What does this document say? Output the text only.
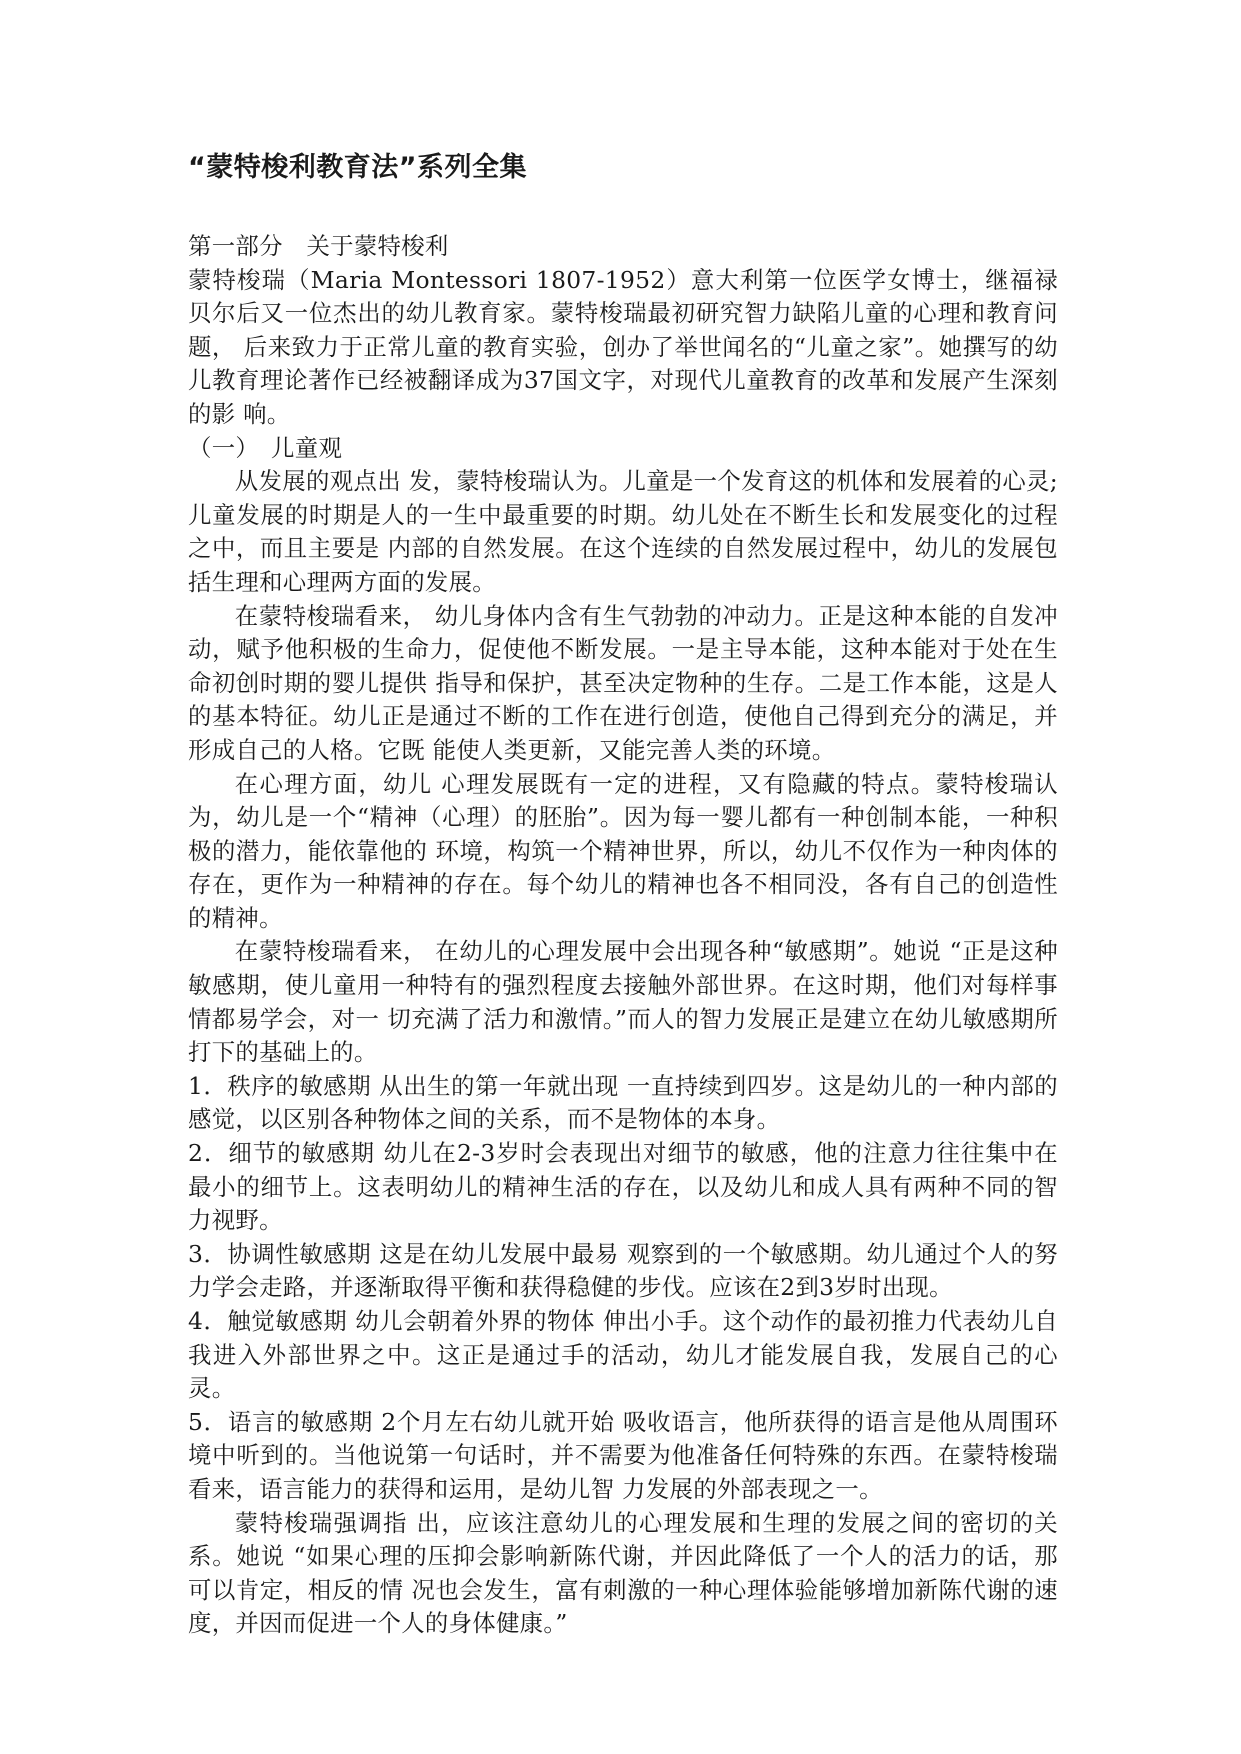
“蒙特梭利教育法”系列全集

第一部分　关于蒙特梭利

蒙特梭瑞（Maria Montessori 1807-1952）意大利第一位医学女博士，继福禄贝尔后又一位杰出的幼儿教育家。蒙特梭瑞最初研究智力缺陷儿童的心理和教育问题， 后来致力于正常儿童的教育实验，创办了举世闻名的“儿童之家”。她撰写的幼儿教育理论著作已经被翻译成为37国文字，对现代儿童教育的改革和发展产生深刻的影 响。

（一）　儿童观

从发展的观点出 发，蒙特梭瑞认为。儿童是一个发育这的机体和发展着的心灵; 儿童发展的时期是人的一生中最重要的时期。幼儿处在不断生长和发展变化的过程之中，而且主要是 内部的自然发展。在这个连续的自然发展过程中，幼儿的发展包括生理和心理两方面的发展。

在蒙特梭瑞看来， 幼儿身体内含有生气勃勃的冲动力。正是这种本能的自发冲动，赋予他积极的生命力，促使他不断发展。一是主导本能，这种本能对于处在生命初创时期的婴儿提供 指导和保护，甚至决定物种的生存。二是工作本能，这是人的基本特征。幼儿正是通过不断的工作在进行创造，使他自己得到充分的满足，并形成自己的人格。它既 能使人类更新，又能完善人类的环境。

在心理方面，幼儿 心理发展既有一定的进程，又有隐藏的特点。蒙特梭瑞认为，幼儿是一个“精神（心理）的胚胎”。因为每一婴儿都有一种创制本能，一种积极的潜力，能依靠他的 环境，构筑一个精神世界，所以，幼儿不仅作为一种肉体的存在，更作为一种精神的存在。每个幼儿的精神也各不相同没，各有自己的创造性的精神。

在蒙特梭瑞看来， 在幼儿的心理发展中会出现各种“敏感期”。她说 “正是这种敏感期，使儿童用一种特有的强烈程度去接触外部世界。在这时期，他们对每样事情都易学会，对一 切充满了活力和激情。”而人的智力发展正是建立在幼儿敏感期所打下的基础上的。

1．秩序的敏感期 从出生的第一年就出现 一直持续到四岁。这是幼儿的一种内部的感觉，以区别各种物体之间的关系，而不是物体的本身。

2．细节的敏感期 幼儿在2-3岁时会表现出对细节的敏感，他的注意力往往集中在 最小的细节上。这表明幼儿的精神生活的存在，以及幼儿和成人具有两种不同的智力视野。

3．协调性敏感期 这是在幼儿发展中最易 观察到的一个敏感期。幼儿通过个人的努力学会走路，并逐渐取得平衡和获得稳健的步伐。应该在2到3岁时出现。

4．触觉敏感期 幼儿会朝着外界的物体 伸出小手。这个动作的最初推力代表幼儿自我进入外部世界之中。这正是通过手的活动，幼儿才能发展自我，发展自己的心灵。

5．语言的敏感期 2个月左右幼儿就开始 吸收语言，他所获得的语言是他从周围环境中听到的。当他说第一句话时，并不需要为他准备任何特殊的东西。在蒙特梭瑞看来，语言能力的获得和运用，是幼儿智 力发展的外部表现之一。

蒙特梭瑞强调指 出，应该注意幼儿的心理发展和生理的发展之间的密切的关系。她说 “如果心理的压抑会影响新陈代谢，并因此降低了一个人的活力的话，那可以肯定，相反的情 况也会发生，富有刺激的一种心理体验能够增加新陈代谢的速度，并因而促进一个人的身体健康。”
